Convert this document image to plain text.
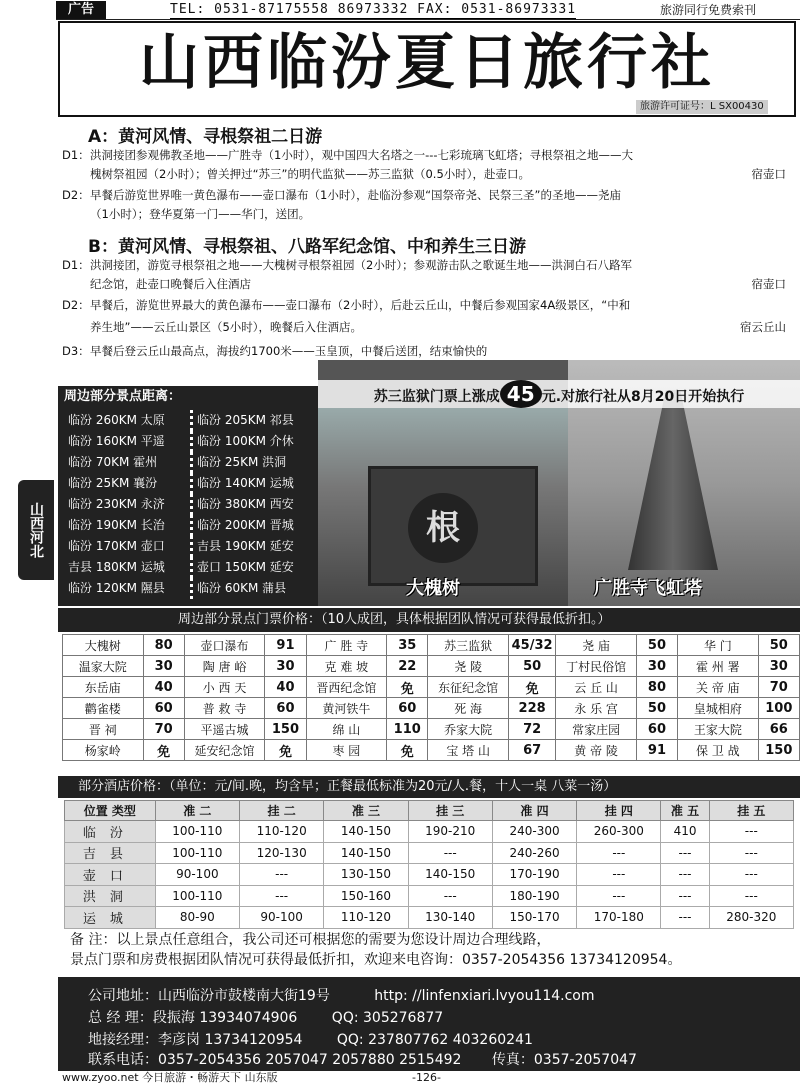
山西河北
广告	TEL: 0531-87175558 86973332 FAX: 0531-86973331	旅游同行免费索刊
山西临汾夏日旅行社
旅游许可证号：L SX00430
A：黄河风情、寻根祭祖二日游
D1： 洪洞接团参观佛教圣地——广胜寺（1小时），观中国四大名塔之一---七彩琉璃飞虹塔；寻根祭祖之地——大
槐树祭祖园（2小时）；曾关押过“苏三”的明代监狱——苏三监狱（0.5小时），赴壶口。	宿壶口
D2： 早餐后游览世界唯一黄色瀑布——壶口瀑布（1小时），赴临汾参观“国祭帝尧、民祭三圣”的圣地——尧庙
（1小时）；登华夏第一门——华门，送团。
B：黄河风情、寻根祭祖、八路军纪念馆、中和养生三日游
D1： 洪洞接团，游览寻根祭祖之地——大槐树寻根祭祖园（2小时）；参观游击队之歌诞生地——洪洞白石八路军
纪念馆，赴壶口晚餐后入住酒店	宿壶口
D2： 早餐后，游览世界最大的黄色瀑布——壶口瀑布（2小时），后赴云丘山，中餐后参观国家4A级景区，“中和
养生地”——云丘山景区（5小时），晚餐后入住酒店。	宿云丘山
D3： 早餐后登云丘山最高点，海拔约1700米——玉皇顶，中餐后送团，结束愉快的
根
大槐树	广胜寺飞虹塔
苏三监狱门票上涨成 45 元.对旅行社从8月20日开始执行
周边部分景点距离：
临汾 260KM 太原	临汾 205KM 祁县
临汾 160KM 平遥	临汾 100KM 介休
临汾 70KM 霍州	临汾 25KM 洪洞
临汾 25KM 襄汾	临汾 140KM 运城
临汾 230KM 永济	临汾 380KM 西安
临汾 190KM 长治	临汾 200KM 晋城
临汾 170KM 壶口	吉县 190KM 延安
吉县 180KM 运城	壶口 150KM 延安
临汾 120KM 隰县	临汾 60KM 蒲县
周边部分景点门票价格：（10人成团，具体根据团队情况可获得最低折扣。）
大槐树	80	壶口瀑布	91	广 胜 寺	35	苏三监狱	45/32	尧 庙	50	华 门	50
温家大院	30	陶 唐 峪	30	克 难 坡	22	尧 陵	50	丁村民俗馆	30	霍 州 署	30
东岳庙	40	小 西 天	40	晋西纪念馆	免	东征纪念馆	免	云 丘 山	80	关 帝 庙	70
鹳雀楼	60	普 救 寺	60	黄河铁牛	60	死 海	228	永 乐 宫	50	皇城相府	100
晋 祠	70	平遥古城	150	绵 山	110	乔家大院	72	常家庄园	60	王家大院	66
杨家岭	免	延安纪念馆	免	枣 园	免	宝 塔 山	67	黄 帝 陵	91	保 卫 战	150
部分酒店价格：（单位：元/间.晚，均含早；正餐最低标准为20元/人.餐，十人一桌 八菜一汤）
位置 类型	准 二	挂 二	准 三	挂 三	准 四	挂 四	准 五	挂 五
临汾	100-110	110-120	140-150	190-210	240-300	260-300	410	---
吉县	100-110	120-130	140-150	---	240-260	---	---	---
壶口	90-100	---	130-150	140-150	170-190	---	---	---
洪洞	100-110	---	150-160	---	180-190	---	---	---
运城	80-90	90-100	110-120	130-140	150-170	170-180	---	280-320
备 注：以上景点任意组合，我公司还可根据您的需要为您设计周边合理线路，
景点门票和房费根据团队情况可获得最低折扣，欢迎来电咨询：0357-2054356 13734120954。
公司地址：山西临汾市鼓楼南大街19号	http: //linfenxiari.lvyou114.com
总 经 理：段振海 13934074906 QQ: 305276877
地接经理：李彦岗 13734120954 QQ: 237807762 403260241
联系电话：0357-2054356 2057047 2057880 2515492 传真：0357-2057047
www.zyoo.net 今日旅游・畅游天下 山东版	-126-
